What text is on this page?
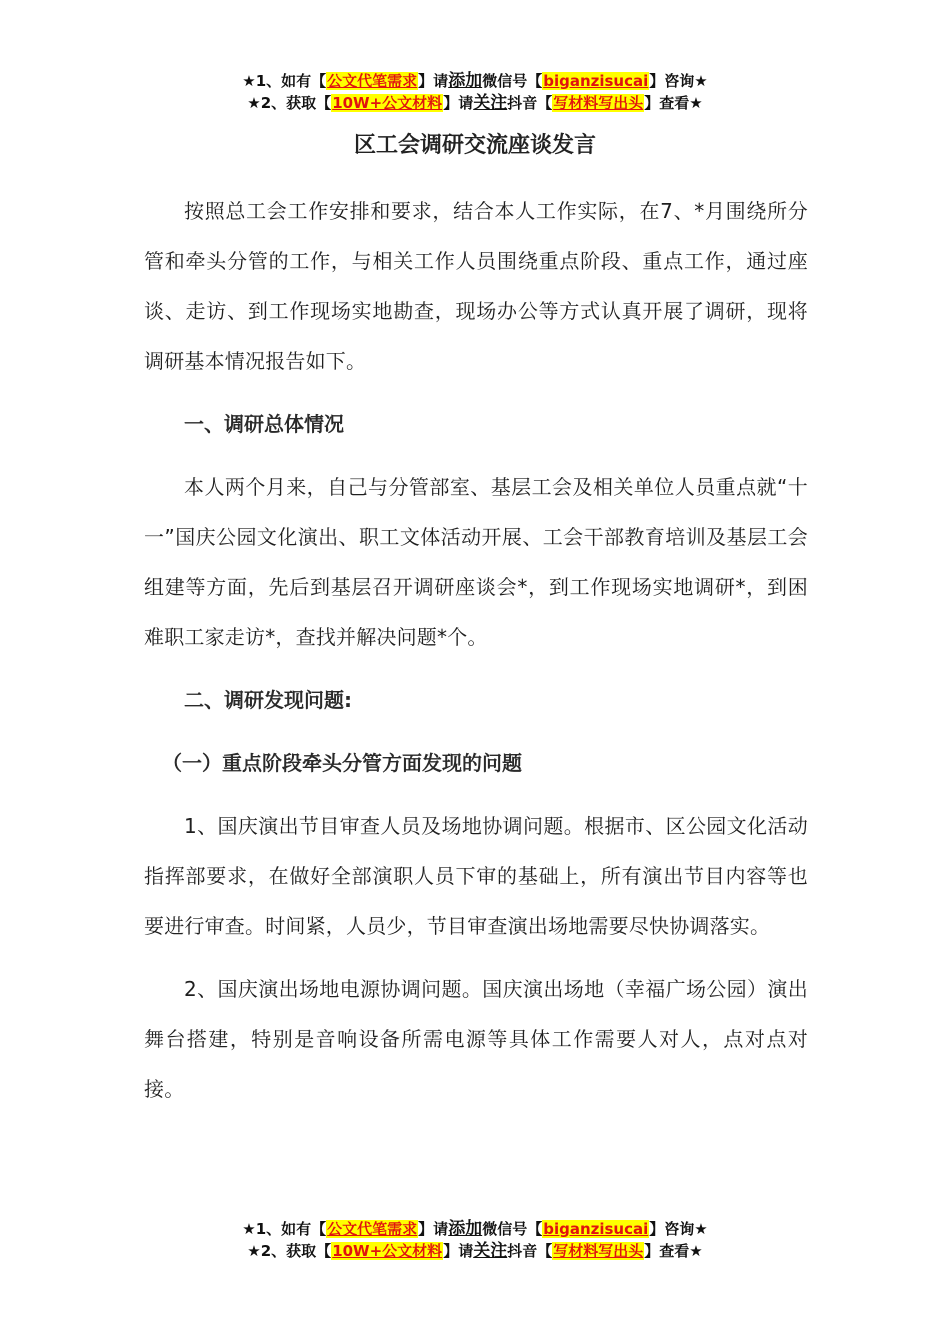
★1、如有【公文代笔需求】请添加微信号【biganzisucai】咨询★
★2、获取【10W+公文材料】请关注抖音【写材料写出头】查看★
区工会调研交流座谈发言

按照总工会工作安排和要求，结合本人工作实际，在7、*月围绕所分管和牵头分管的工作，与相关工作人员围绕重点阶段、重点工作，通过座谈、走访、到工作现场实地勘查，现场办公等方式认真开展了调研，现将调研基本情况报告如下。

一、调研总体情况

本人两个月来，自己与分管部室、基层工会及相关单位人员重点就“十一”国庆公园文化演出、职工文体活动开展、工会干部教育培训及基层工会组建等方面，先后到基层召开调研座谈会*，到工作现场实地调研*，到困难职工家走访*，查找并解决问题*个。

二、调研发现问题:

（一）重点阶段牵头分管方面发现的问题

1、国庆演出节目审查人员及场地协调问题。根据市、区公园文化活动指挥部要求，在做好全部演职人员下审的基础上，所有演出节目内容等也要进行审查。时间紧，人员少，节目审查演出场地需要尽快协调落实。

2、国庆演出场地电源协调问题。国庆演出场地（幸福广场公园）演出舞台搭建，特别是音响设备所需电源等具体工作需要人对人，点对点对接。

★1、如有【公文代笔需求】请添加微信号【biganzisucai】咨询★
★2、获取【10W+公文材料】请关注抖音【写材料写出头】查看★
